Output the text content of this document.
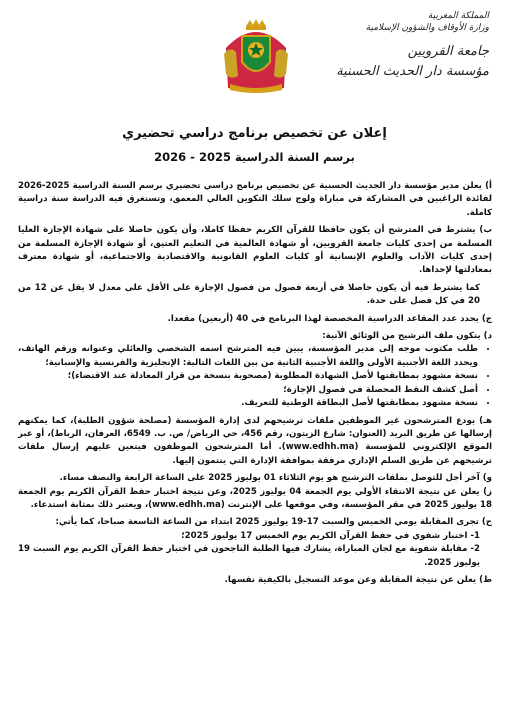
المملكة المغربية
وزارة الأوقاف والشؤون الإسلامية
جامعة القرويين
مؤسسة دار الحديث الحسنية
إعلان عن تخصيص برنامج دراسي تحضيري
برسم السنة الدراسية 2025 - 2026

أ) يعلن مدير مؤسسة دار الحديث الحسنية عن تخصيص برنامج دراسي تحضيري برسم السنة الدراسية 2025-2026 لفائدة الراغبين في المشاركة في مباراة ولوج سلك التكوين العالي المعمق، وتستغرق فيه الدراسة سنة دراسية كاملة.

ب) يشترط في المترشح أن يكون حافظا للقرآن الكريم حفظا كاملا، وأن يكون حاصلا على شهادة الإجازة العليا المسلمة من إحدى كليات جامعة القرويين، أو شهادة العالمية في التعليم العتيق، أو شهادة الإجازة المسلمة من إحدى كليات الآداب والعلوم الإنسانية أو كليات العلوم القانونية والاقتصادية والاجتماعية، أو شهادة معترف بمعادلتها لإحداها.

كما يشترط فيه أن يكون حاصلا في أربعة فصول من فصول الإجازة على الأقل على معدل لا يقل عن 12 من 20 في كل فصل على حدة.

ج) يحدد عدد المقاعد الدراسية المخصصة لهذا البرنامج في 40 (أربعين) مقعدا.

د) يتكون ملف الترشيح من الوثائق الآتية:

• طلب مكتوب موجه إلى مدير المؤسسة، يبين فيه المترشح اسمه الشخصي والعائلي وعنوانه ورقم الهاتف، ويحدد اللغة الأجنبية الأولى واللغة الأجنبية الثانية من بين اللغات التالية: الإنجليزية والفرنسية والإسبانية؛
• نسخة مشهود بمطابقتها لأصل الشهادة المطلوبة (مصحوبة بنسخة من قرار المعادلة عند الاقتضاء)؛
• أصل كشف النقط المحصلة في فصول الإجازة؛
• نسخة مشهود بمطابقتها لأصل البطاقة الوطنية للتعريف.

هـ) يودع المترشحون غير الموظفين ملفات ترشيحهم لدى إدارة المؤسسة (مصلحة شؤون الطلبة)، كما يمكنهم إرسالها عن طريق البريد (العنوان: شارع الزيتون، رقم 456، حي الرياض/ ص. ب. 6549، العرفان، الرباط)، أو عبر الموقع الإلكتروني للمؤسسة (www.edhh.ma). أما المترشحون الموظفون فيتعين عليهم إرسال ملفات ترشيحهم عن طريق السلم الإداري مرفقة بموافقة الإدارة التي ينتمون إليها.

و) آخر أجل للتوصل بملفات الترشيح هو يوم الثلاثاء 01 يوليوز 2025 على الساعة الرابعة والنصف مساء.

ز) يعلن عن نتيجة الانتقاء الأولي يوم الجمعة 04 يوليوز 2025، وعن نتيجة اختبار حفظ القرآن الكريم يوم الجمعة 18 يوليوز 2025 في مقر المؤسسة، وفي موقعها على الإنترنت (www.edhh.ma)، ويعتبر ذلك بمثابة استدعاء.

ح) تجرى المقابلة يومي الخميس والسبت 17-19 يوليوز 2025 ابتداء من الساعة التاسعة صباحا، كما يأتي:

1- اختبار شفوي في حفظ القرآن الكريم يوم الخميس 17 يوليوز 2025؛

2- مقابلة شفوية مع لجان المباراة، يشارك فيها الطلبة الناجحون في اختبار حفظ القرآن الكريم يوم السبت 19 يوليوز 2025.

ط) يعلن عن نتيجة المقابلة وعن موعد التسجيل بالكيفية نفسها.
